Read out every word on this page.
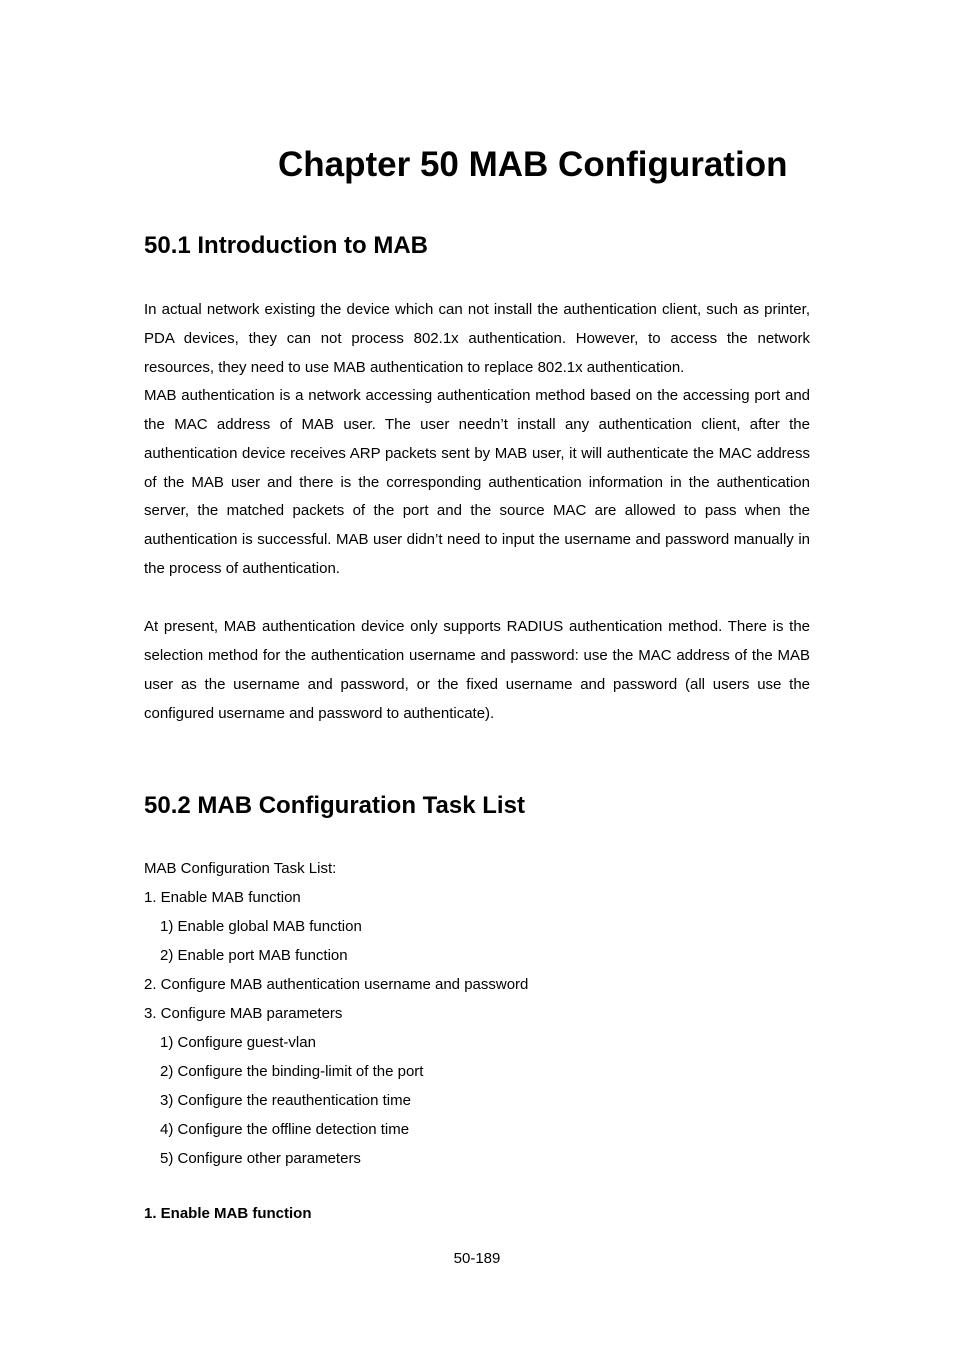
Chapter 50 MAB Configuration
50.1 Introduction to MAB

In actual network existing the device which can not install the authentication client, such as printer, PDA devices, they can not process 802.1x authentication. However, to access the network resources, they need to use MAB authentication to replace 802.1x authentication.

MAB authentication is a network accessing authentication method based on the accessing port and the MAC address of MAB user. The user needn’t install any authentication client, after the authentication device receives ARP packets sent by MAB user, it will authenticate the MAC address of the MAB user and there is the corresponding authentication information in the authentication server, the matched packets of the port and the source MAC are allowed to pass when the authentication is successful. MAB user didn’t need to input the username and password manually in the process of authentication.

At present, MAB authentication device only supports RADIUS authentication method. There is the selection method for the authentication username and password: use the MAC address of the MAB user as the username and password, or the fixed username and password (all users use the configured username and password to authenticate).

50.2 MAB Configuration Task List
MAB Configuration Task List:
1. Enable MAB function
1) Enable global MAB function
2) Enable port MAB function
2. Configure MAB authentication username and password
3. Configure MAB parameters
1) Configure guest-vlan
2) Configure the binding-limit of the port
3) Configure the reauthentication time
4) Configure the offline detection time
5) Configure other parameters
1. Enable MAB function
50-189
